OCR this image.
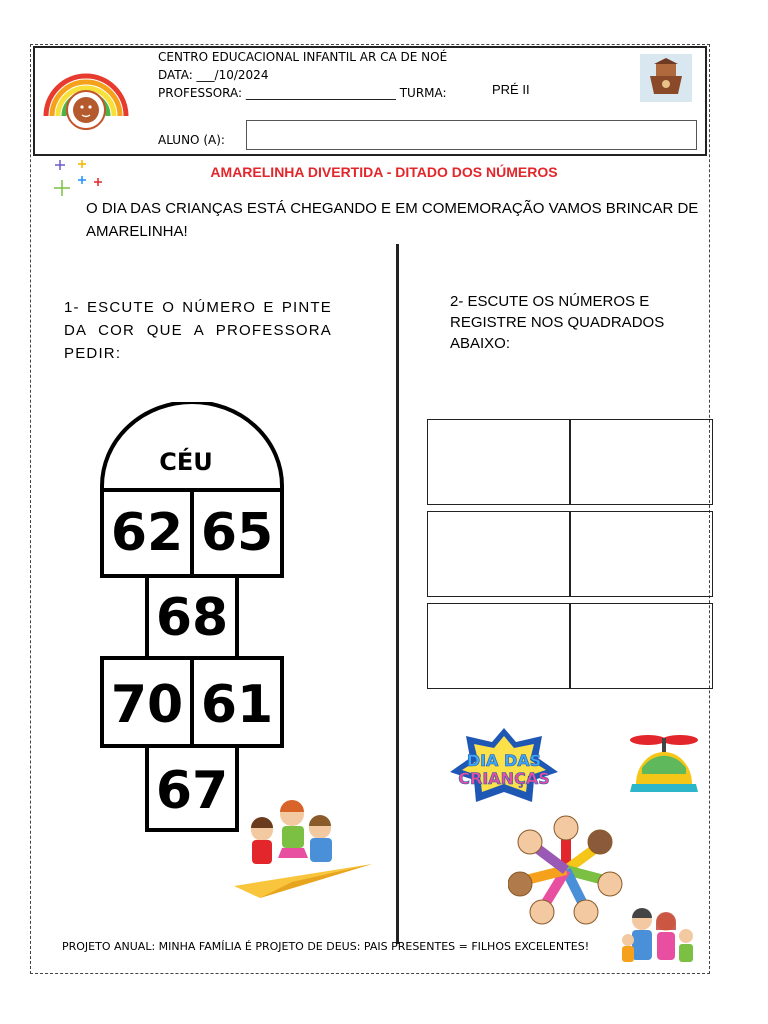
CENTRO EDUCACIONAL INFANTIL AR CA DE NOÉ
DATA: ___/10/2024
PROFESSORA: _________________________ TURMA:	PRÉ II
ALUNO (A):
AMARELINHA DIVERTIDA - DITADO DOS NÚMEROS
O DIA DAS CRIANÇAS ESTÁ CHEGANDO E EM COMEMORAÇÃO VAMOS BRINCAR DE AMARELINHA!
1- ESCUTE O NÚMERO E PINTE DA COR QUE A PROFESSORA PEDIR:
2- ESCUTE OS NÚMEROS E REGISTRE NOS QUADRADOS ABAIXO:
CÉU
62 65
68
70 61
67
DIA DAS
CRIANÇAS
PROJETO ANUAL: MINHA FAMÍLIA É PROJETO DE DEUS: PAIS PRESENTES = FILHOS EXCELENTES!
